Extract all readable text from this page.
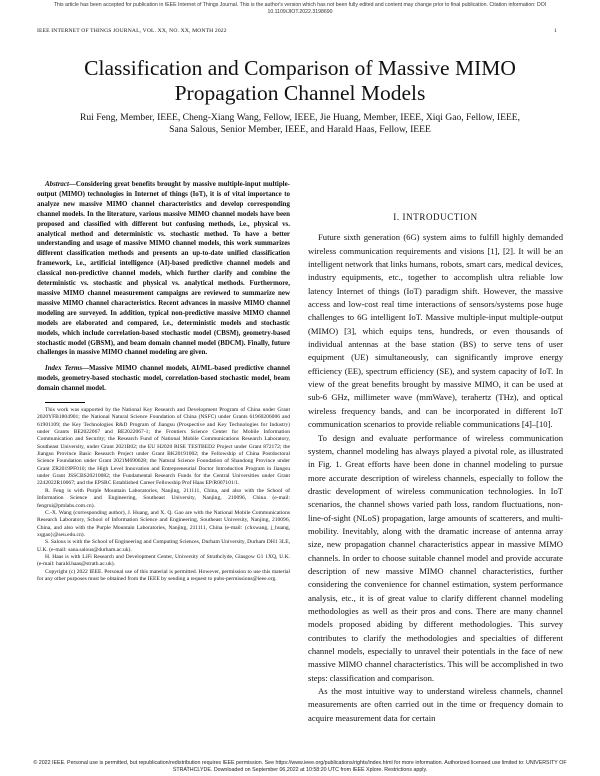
This article has been accepted for publication in IEEE Internet of Things Journal. This is the author's version which has not been fully edited and content may change prior to final publication. Citation information: DOI 10.1109/JIOT.2022.3198690
IEEE INTERNET OF THINGS JOURNAL, VOL. XX, NO. XX, MONTH 2022	1
Classification and Comparison of Massive MIMO Propagation Channel Models
Rui Feng, Member, IEEE, Cheng-Xiang Wang, Fellow, IEEE, Jie Huang, Member, IEEE, Xiqi Gao, Fellow, IEEE,
Sana Salous, Senior Member, IEEE, and Harald Haas, Fellow, IEEE

Abstract—Considering great benefits brought by massive multiple-input multiple-output (MIMO) technologies in Internet of things (IoT), it is of vital importance to analyze new massive MIMO channel characteristics and develop corresponding channel models. In the literature, various massive MIMO channel models have been proposed and classified with different but confusing methods, i.e., physical vs. analytical method and deterministic vs. stochastic method. To have a better understanding and usage of massive MIMO channel models, this work summarizes different classification methods and presents an up-to-date unified classification framework, i.e., artificial intelligence (AI)-based predictive channel models and classical non-predictive channel models, which further clarify and combine the deterministic vs. stochastic and physical vs. analytical methods. Furthermore, massive MIMO channel measurement campaigns are reviewed to summarize new massive MIMO channel characteristics. Recent advances in massive MIMO channel modeling are surveyed. In addition, typical non-predictive massive MIMO channel models are elaborated and compared, i.e., deterministic models and stochastic models, which include correlation-based stochastic model (CBSM), geometry-based stochastic model (GBSM), and beam domain channel model (BDCM). Finally, future challenges in massive MIMO channel modeling are given.

Index Terms—Massive MIMO channel models, AI/ML-based predictive channel models, geometry-based stochastic model, correlation-based stochastic model, beam domain channel model.

This work was supported by the National Key Research and Development Program of China under Grant 2020YFB1804901; the National Natural Science Foundation of China (NSFC) under Grants 61960206006 and 61901109; the Key Technologies R&D Program of Jiangsu (Prospective and Key Technologies for Industry) under Grants BE2022067 and BE2022067-1; the Frontiers Science Center for Mobile Information Communication and Security; the Research Fund of National Mobile Communications Research Laboratory, Southeast University, under Grant 2021B02; the EU H2020 RISE TESTBED2 Project under Grant 872172; the Jiangsu Province Basic Research Project under Grant BK20191002; the Fellowship of China Postdoctoral Science Foundation under Grant 2021M690628; the Natural Science Foundation of Shandong Province under Grant ZR2019PF010; the High Level Innovation and Entrepreneurial Doctor Introduction Program in Jiangsu under Grant JSSCBS20210082; the Fundamental Research Funds for the Central Universities under Grant 2242022R10067; and the EPSRC Established Career Fellowship Prof Haas EP/R007101/1.

R. Feng is with Purple Mountain Laboratories, Nanjing, 211111, China, and also with the School of Information Science and Engineering, Southeast University, Nanjing, 210096, China (e-mail: fengrui@pmlabs.com.cn).

C.-X. Wang (corresponding author), J. Huang, and X. Q. Gao are with the National Mobile Communications Research Laboratory, School of Information Science and Engineering, Southeast University, Nanjing, 210096, China, and also with the Purple Mountain Laboratories, Nanjing, 211111, China (e-mail: {chxwang, j_huang, xqgao}@seu.edu.cn).

S. Salous is with the School of Engineering and Computing Sciences, Durham University, Durham DH1 3LE, U.K. (e-mail: sana.salous@durham.ac.uk).

H. Haas is with LiFi Research and Development Center, University of Strathclyde, Glasgow G1 1XQ, U.K. (e-mail: harald.haas@strath.ac.uk).

Copyright (c) 2022 IEEE. Personal use of this material is permitted. However, permission to use this material for any other purposes must be obtained from the IEEE by sending a request to pubs-permissions@ieee.org.

I. INTRODUCTION

Future sixth generation (6G) system aims to fulfill highly demanded wireless communication requirements and visions [1], [2]. It will be an intelligent network that links humans, robots, smart cars, medical devices, industry equipments, etc., together to accomplish ultra reliable low latency Internet of things (IoT) paradigm shift. However, the massive access and low-cost real time interactions of sensors/systems pose huge challenges to 6G intelligent IoT. Massive multiple-input multiple-output (MIMO) [3], which equips tens, hundreds, or even thousands of individual antennas at the base station (BS) to serve tens of user equipment (UE) simultaneously, can significantly improve energy efficiency (EE), spectrum efficiency (SE), and system capacity of IoT. In view of the great benefits brought by massive MIMO, it can be used at sub-6 GHz, millimeter wave (mmWave), terahertz (THz), and optical wireless frequency bands, and can be incorporated in different IoT communication scenarios to provide reliable communications [4]–[10].

To design and evaluate performance of wireless communication system, channel modeling has always played a pivotal role, as illustrated in Fig. 1. Great efforts have been done in channel modeling to pursue more accurate description of wireless channels, especially to follow the drastic development of wireless communication technologies. In IoT scenarios, the channel shows varied path loss, random fluctuations, non-line-of-sight (NLoS) propagation, large amounts of scatterers, and multi-mobility. Inevitably, along with the dramatic increase of antenna array size, new propagation channel characteristics appear in massive MIMO channels. In order to choose suitable channel model and provide accurate description of new massive MIMO channel characteristics, further considering the convenience for channel estimation, system performance analysis, etc., it is of great value to clarify different channel modeling methodologies as well as their pros and cons. There are many channel models proposed abiding by different methodologies. This survey contributes to clarify the methodologies and specialties of different channel models, especially to unravel their potentials in the face of new massive MIMO channel characteristics. This will be accomplished in two steps: classification and comparison.

As the most intuitive way to understand wireless channels, channel measurements are often carried out in the time or frequency domain to acquire measurement data for certain

© 2022 IEEE. Personal use is permitted, but republication/redistribution requires IEEE permission. See https://www.ieee.org/publications/rights/index.html for more information. Authorized licensed use limited to: UNIVERSITY OF STRATHCLYDE. Downloaded on September 06,2022 at 10:58:20 UTC from IEEE Xplore. Restrictions apply.
